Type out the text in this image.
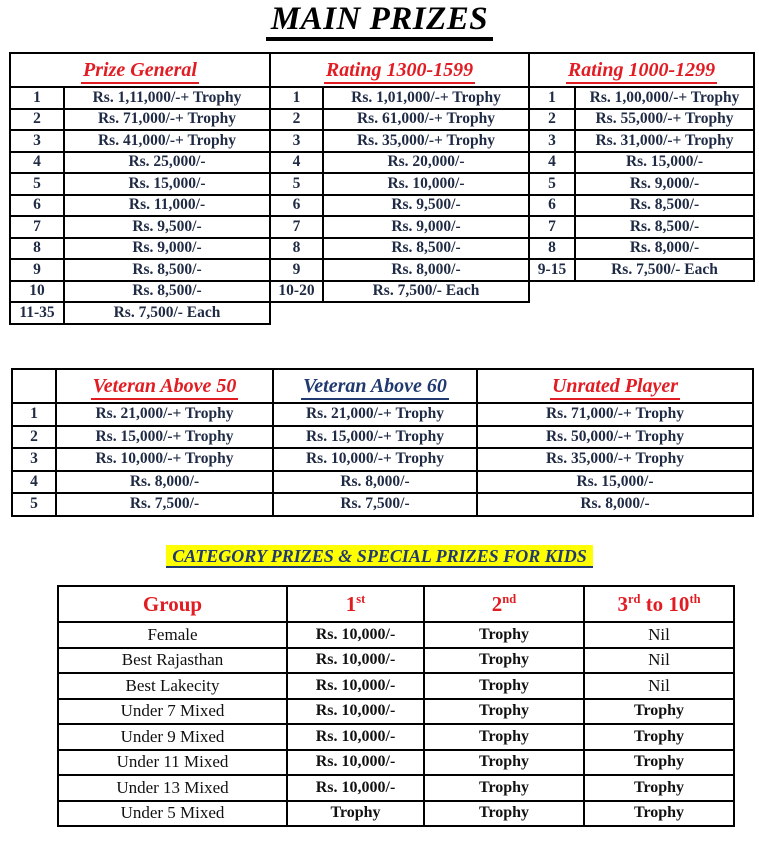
MAIN PRIZES
Prize General	
1	Rs. 1,11,000/-+ Trophy
2	Rs. 71,000/-+ Trophy
3	Rs. 41,000/-+ Trophy
4	Rs. 25,000/-
5	Rs. 15,000/-
6	Rs. 11,000/-
7	Rs. 9,500/-
8	Rs. 9,000/-
9	Rs. 8,500/-
10	Rs. 8,500/-
11-35	Rs. 7,500/- Each
Rating 1300-1599	
1	Rs. 1,01,000/-+ Trophy
2	Rs. 61,000/-+ Trophy
3	Rs. 35,000/-+ Trophy
4	Rs. 20,000/-
5	Rs. 10,000/-
6	Rs. 9,500/-
7	Rs. 9,000/-
8	Rs. 8,500/-
9	Rs. 8,000/-
10-20	Rs. 7,500/- Each
Rating 1000-1299	
1	Rs. 1,00,000/-+ Trophy
2	Rs. 55,000/-+ Trophy
3	Rs. 31,000/-+ Trophy
4	Rs. 15,000/-
5	Rs. 9,000/-
6	Rs. 8,500/-
7	Rs. 8,500/-
8	Rs. 8,000/-
9-15	Rs. 7,500/- Each
	Veteran Above 50	Veteran Above 60	Unrated Player
1	Rs. 21,000/-+ Trophy	Rs. 21,000/-+ Trophy	Rs. 71,000/-+ Trophy
2	Rs. 15,000/-+ Trophy	Rs. 15,000/-+ Trophy	Rs. 50,000/-+ Trophy
3	Rs. 10,000/-+ Trophy	Rs. 10,000/-+ Trophy	Rs. 35,000/-+ Trophy
4	Rs. 8,000/-	Rs. 8,000/-	Rs. 15,000/-
5	Rs. 7,500/-	Rs. 7,500/-	Rs. 8,000/-
CATEGORY PRIZES & SPECIAL PRIZES FOR KIDS
Group	1st	2nd	3rd to 10th
Female	Rs. 10,000/-	Trophy	Nil
Best Rajasthan	Rs. 10,000/-	Trophy	Nil
Best Lakecity	Rs. 10,000/-	Trophy	Nil
Under 7 Mixed	Rs. 10,000/-	Trophy	Trophy
Under 9 Mixed	Rs. 10,000/-	Trophy	Trophy
Under 11 Mixed	Rs. 10,000/-	Trophy	Trophy
Under 13 Mixed	Rs. 10,000/-	Trophy	Trophy
Under 5 Mixed	Trophy	Trophy	Trophy
